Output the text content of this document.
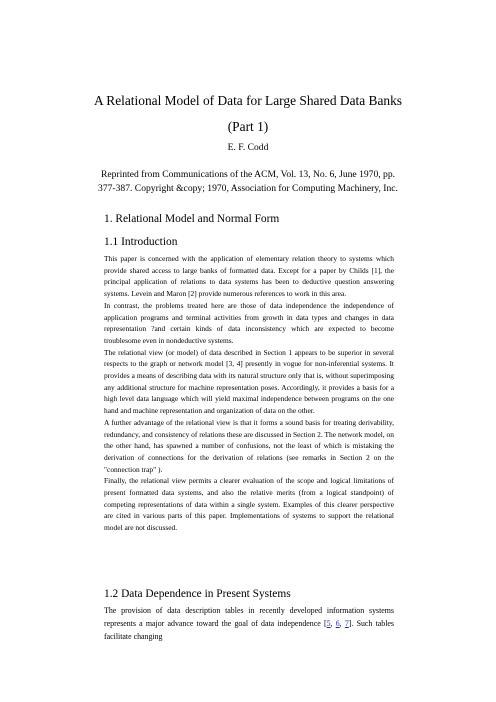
A Relational Model of Data for Large Shared Data Banks
(Part 1)
E. F. Codd
Reprinted from Communications of the ACM, Vol. 13, No. 6, June 1970, pp.
377-387. Copyright &copy; 1970, Association for Computing Machinery, Inc.
1. Relational Model and Normal Form
1.1 Introduction

This paper is concerned with the application of elementary relation theory to systems which provide shared access to large banks of formatted data. Except for a paper by Childs [1], the principal application of relations to data systems has been to deductive question answering systems. Levein and Maron [2] provide numerous references to work in this area.

In contrast, the problems treated here are those of data independence the independence of application programs and terminal activities from growth in data types and changes in data representation ?and certain kinds of data inconsistency which are expected to become troublesome even in nondeductive systems.

The relational view (or model) of data described in Section 1 appears to be superior in several respects to the graph or network model [3, 4] presently in vogue for non-inferential systems. It provides a means of describing data with its natural structure only that is, without superimposing any additional structure for machine representation poses. Accordingly, it provides a basis for a high level data language which will yield maximal independence between programs on the one hand and machine representation and organization of data on the other.

A further advantage of the relational view is that it forms a sound basis for treating derivability, redundancy, and consistency of relations these are discussed in Section 2. The network model, on the other hand, has spawned a number of confusions, not the least of which is mistaking the derivation of connections for the derivation of relations (see remarks in Section 2 on the "connection trap" ).

Finally, the relational view permits a clearer evaluation of the scope and logical limitations of present formatted data systems, and also the relative merits (from a logical standpoint) of competing representations of data within a single system. Examples of this clearer perspective are cited in various parts of this paper. Implementations of systems to support the relational model are not discussed.

1.2 Data Dependence in Present Systems

The provision of data description tables in recently developed information systems represents a major advance toward the goal of data independence [5, 6, 7]. Such tables facilitate changing
